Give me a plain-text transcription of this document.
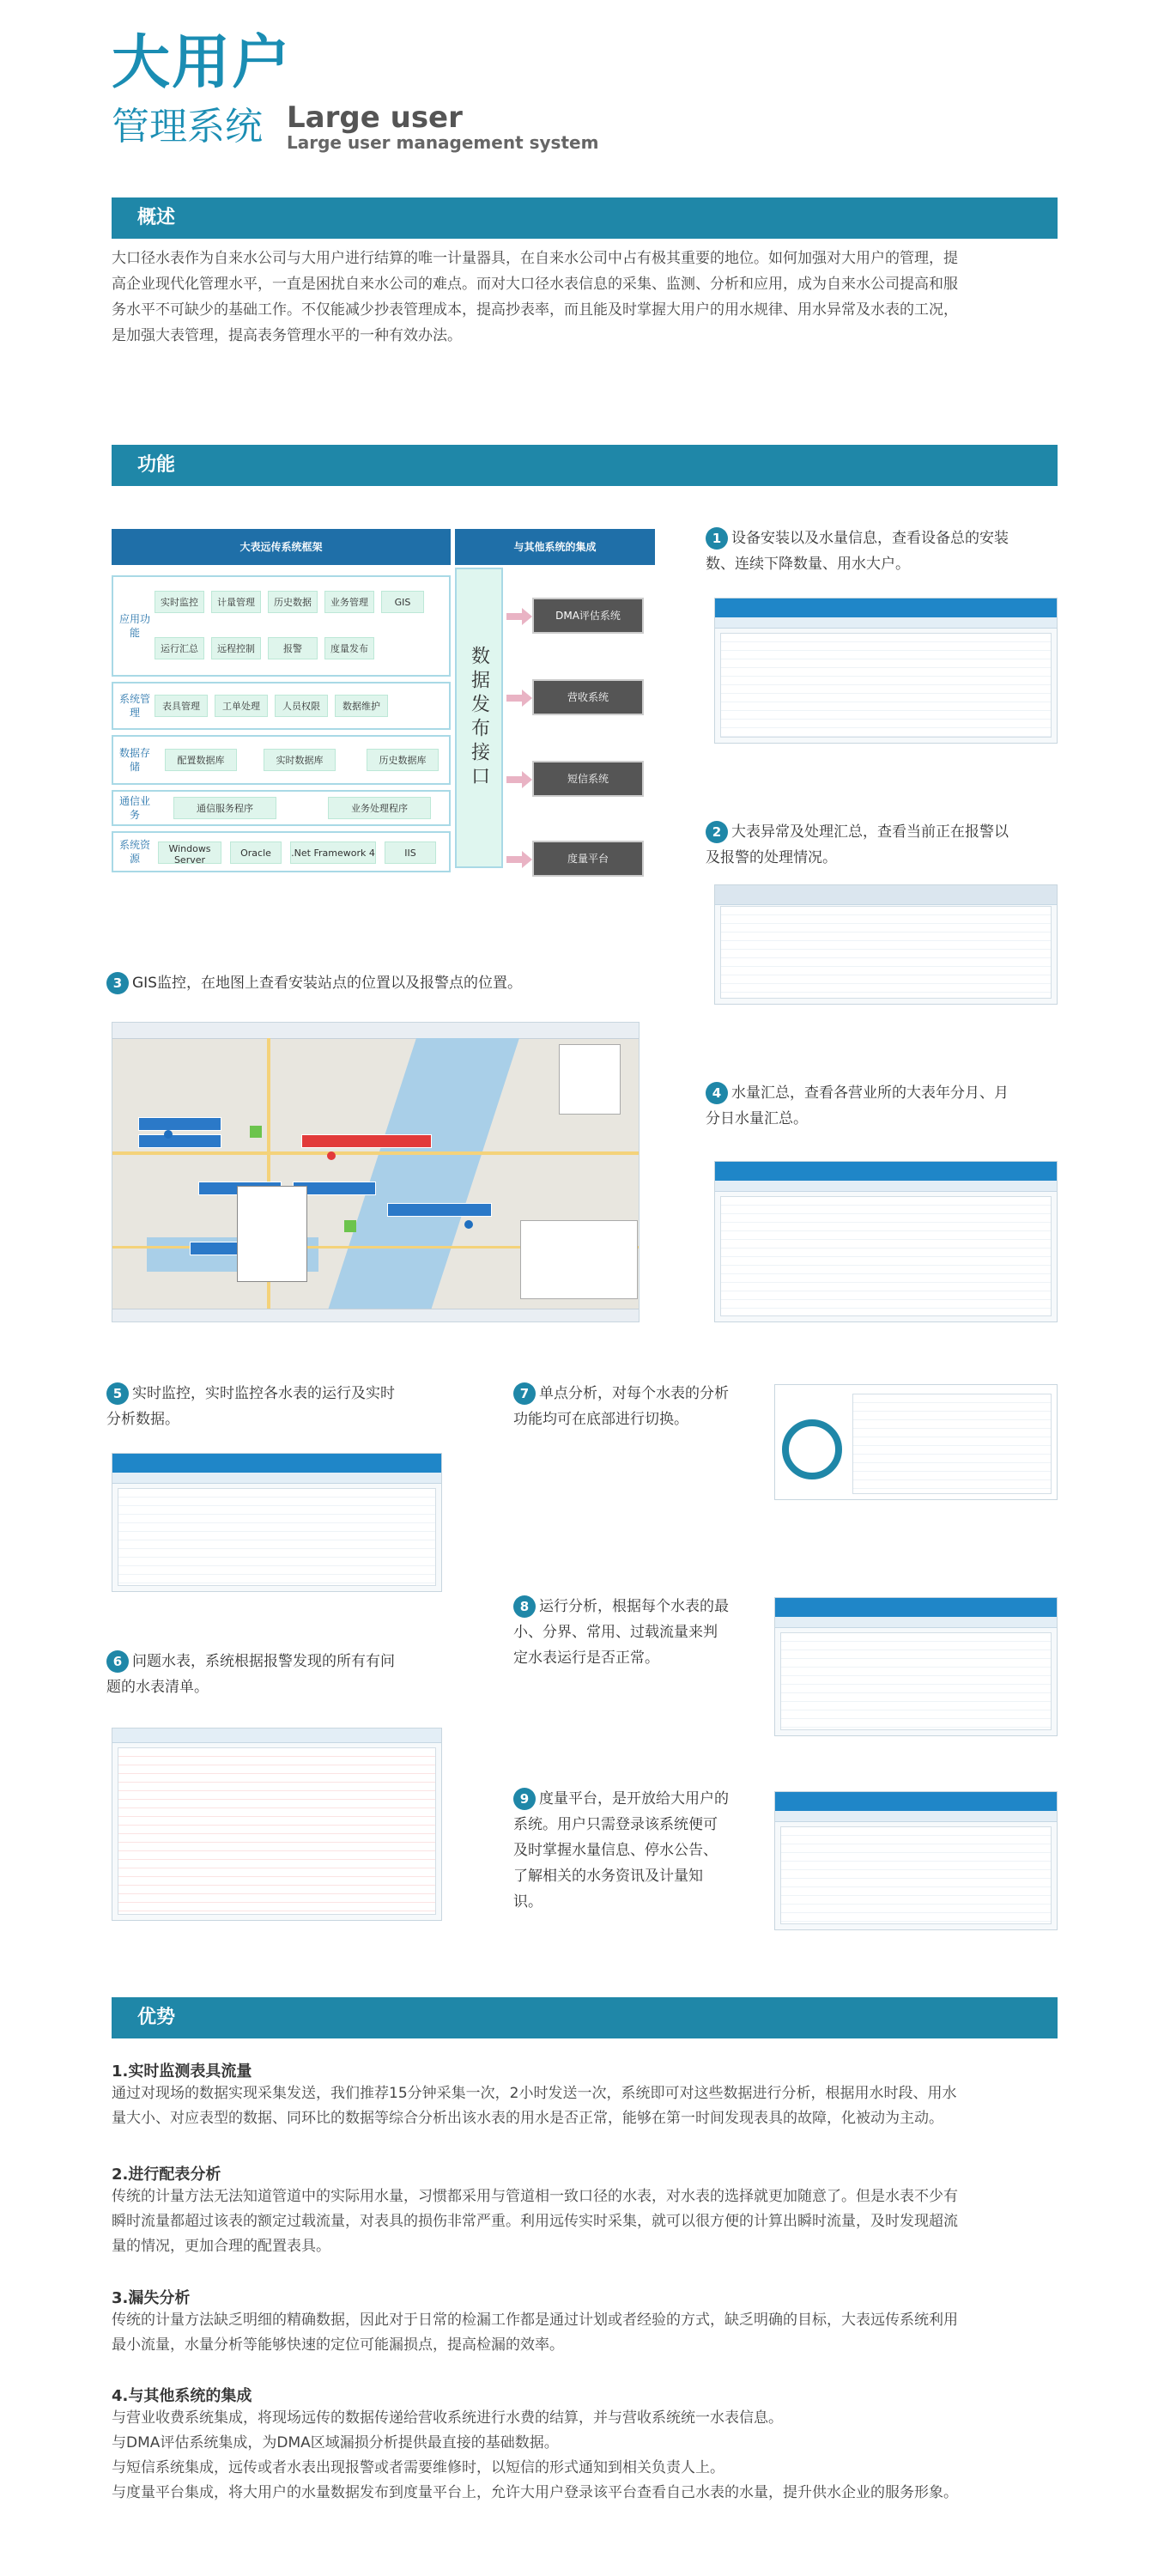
大用户
管理系统 Large user
Large user management system
概述
大口径水表作为自来水公司与大用户进行结算的唯一计量器具，在自来水公司中占有极其重要的地位。如何加强对大用户的管理，提
高企业现代化管理水平，一直是困扰自来水公司的难点。而对大口径水表信息的采集、监测、分析和应用，成为自来水公司提高和服
务水平不可缺少的基础工作。不仅能减少抄表管理成本，提高抄表率，而且能及时掌握大用户的用水规律、用水异常及水表的工况，
是加强大表管理，提高表务管理水平的一种有效办法。
功能
大表远传系统框架	与其他系统的集成
应用功能
实时监控	计量管理	历史数据	业务管理	GIS
运行汇总	远程控制	报警	度量发布
系统管理
表具管理	工单处理	人员权限	数据维护
数据存储
配置数据库	实时数据库	历史数据库
通信业务
通信服务程序	业务处理程序
系统资源
Windows Server
Oracle	.Net Framework 4	IIS
数据发布接口
DMA评估系统
营收系统
短信系统
度量平台
1 设备安装以及水量信息，查看设备总的安装
数、连续下降数量、用水大户。
2 大表异常及处理汇总，查看当前正在报警以
及报警的处理情况。
3 GIS监控，在地图上查看安装站点的位置以及报警点的位置。
4 水量汇总，查看各营业所的大表年分月、月
分日水量汇总。
5 实时监控，实时监控各水表的运行及实时
分析数据。
6 问题水表，系统根据报警发现的所有有问
题的水表清单。
7 单点分析，对每个水表的分析
功能均可在底部进行切换。
8 运行分析，根据每个水表的最
小、分界、常用、过载流量来判
定水表运行是否正常。
9 度量平台，是开放给大用户的
系统。用户只需登录该系统便可
及时掌握水量信息、停水公告、
了解相关的水务资讯及计量知
识。
优势
1.实时监测表具流量
通过对现场的数据实现采集发送，我们推荐15分钟采集一次，2小时发送一次，系统即可对这些数据进行分析，根据用水时段、用水
量大小、对应表型的数据、同环比的数据等综合分析出该水表的用水是否正常，能够在第一时间发现表具的故障，化被动为主动。
2.进行配表分析
传统的计量方法无法知道管道中的实际用水量，习惯都采用与管道相一致口径的水表，对水表的选择就更加随意了。但是水表不少有
瞬时流量都超过该表的额定过载流量，对表具的损伤非常严重。利用远传实时采集，就可以很方便的计算出瞬时流量，及时发现超流
量的情况，更加合理的配置表具。
3.漏失分析
传统的计量方法缺乏明细的精确数据，因此对于日常的检漏工作都是通过计划或者经验的方式，缺乏明确的目标，大表远传系统利用
最小流量，水量分析等能够快速的定位可能漏损点，提高检漏的效率。
4.与其他系统的集成
与营业收费系统集成，将现场远传的数据传递给营收系统进行水费的结算，并与营收系统统一水表信息。
与DMA评估系统集成，为DMA区域漏损分析提供最直接的基础数据。
与短信系统集成，远传或者水表出现报警或者需要维修时，以短信的形式通知到相关负责人上。
与度量平台集成，将大用户的水量数据发布到度量平台上，允许大用户登录该平台查看自己水表的水量，提升供水企业的服务形象。
